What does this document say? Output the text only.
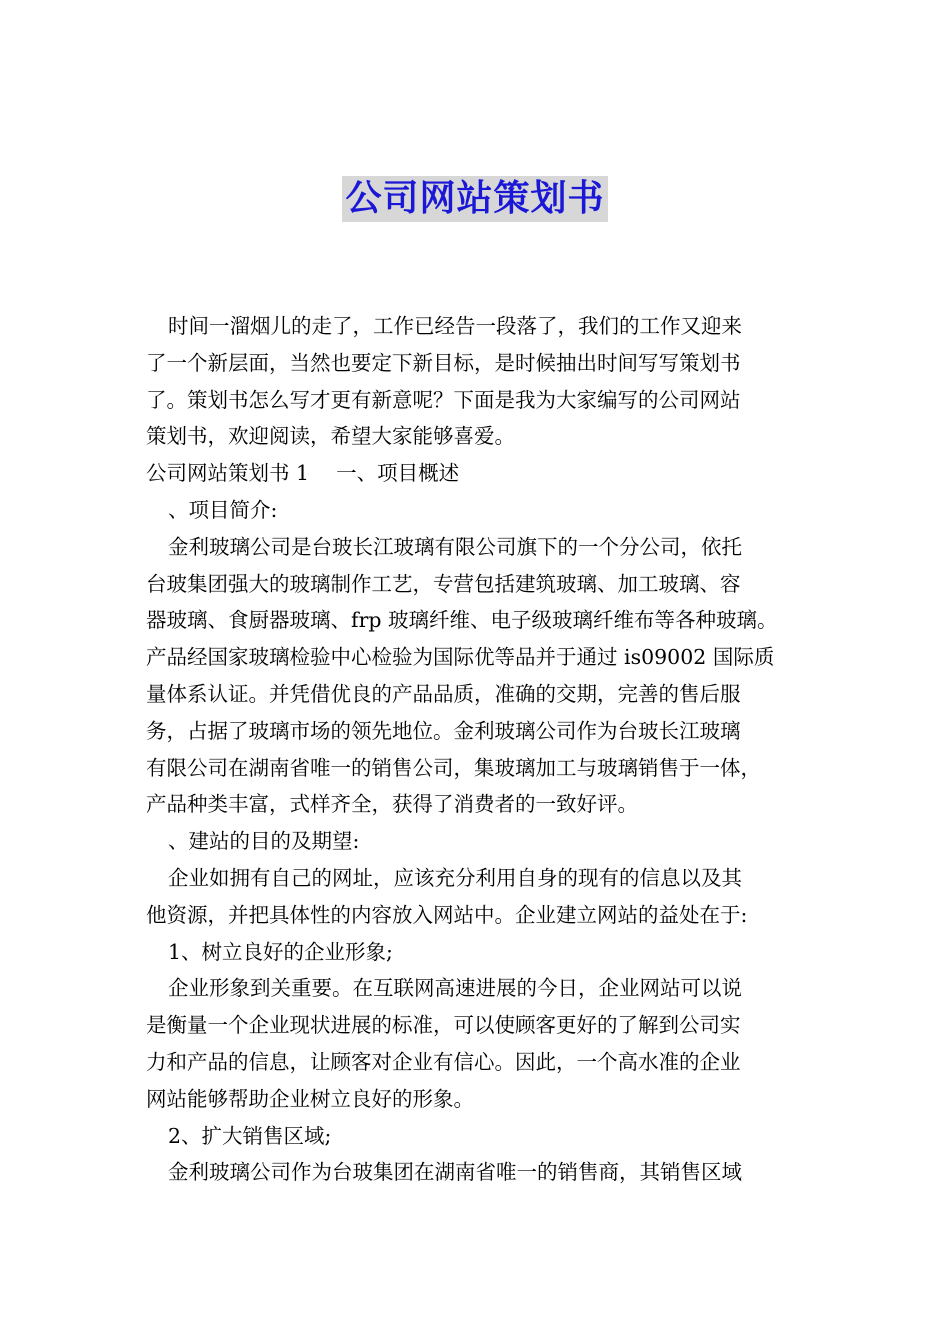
公司网站策划书

时间一溜烟儿的走了，工作已经告一段落了，我们的工作又迎来

了一个新层面，当然也要定下新目标，是时候抽出时间写写策划书

了。策划书怎么写才更有新意呢？下面是我为大家编写的公司网站

策划书，欢迎阅读，希望大家能够喜爱。

公司网站策划书 1　 一、项目概述

、项目简介:

金利玻璃公司是台玻长江玻璃有限公司旗下的一个分公司，依托

台玻集团强大的玻璃制作工艺，专营包括建筑玻璃、加工玻璃、容

器玻璃、食厨器玻璃、frp 玻璃纤维、电子级玻璃纤维布等各种玻璃。

产品经国家玻璃检验中心检验为国际优等品并于通过 is09002 国际质

量体系认证。并凭借优良的产品品质，准确的交期，完善的售后服

务，占据了玻璃市场的领先地位。金利玻璃公司作为台玻长江玻璃

有限公司在湖南省唯一的销售公司，集玻璃加工与玻璃销售于一体，

产品种类丰富，式样齐全，获得了消费者的一致好评。

、建站的目的及期望:

企业如拥有自己的网址，应该充分利用自身的现有的信息以及其

他资源，并把具体性的内容放入网站中。企业建立网站的益处在于:

1、树立良好的企业形象;

企业形象到关重要。在互联网高速进展的今日，企业网站可以说

是衡量一个企业现状进展的标准，可以使顾客更好的了解到公司实

力和产品的信息，让顾客对企业有信心。因此，一个高水准的企业

网站能够帮助企业树立良好的形象。

2、扩大销售区域;

金利玻璃公司作为台玻集团在湖南省唯一的销售商，其销售区域
